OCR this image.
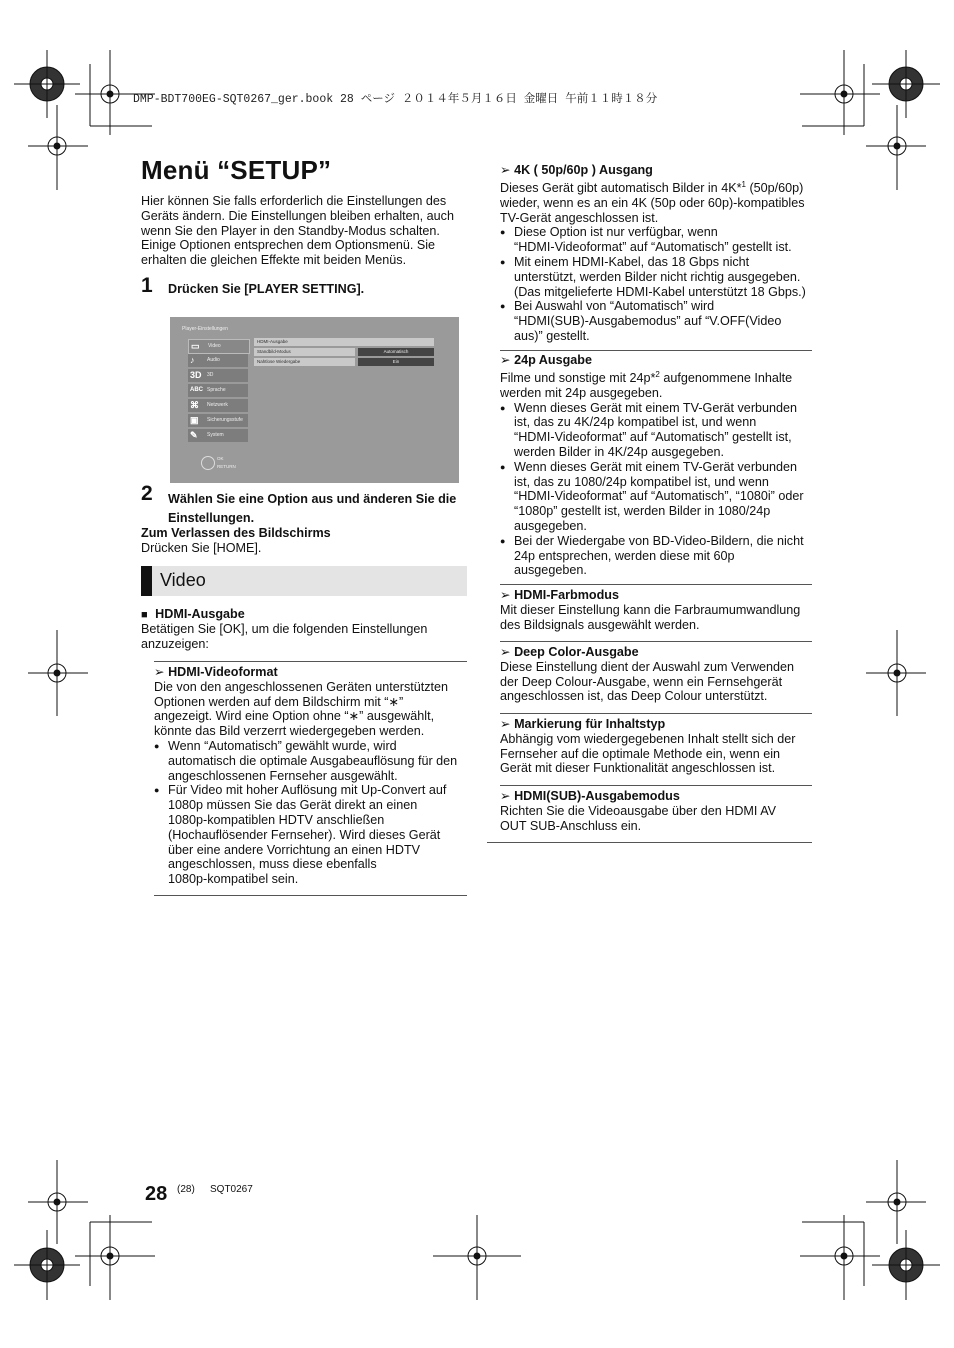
DMP-BDT700EG-SQT0267_ger.book 28 ページ ２０１４年５月１６日 金曜日 午前１１時１８分
Menü “SETUP”

Hier können Sie falls erforderlich die Einstellungen des

Geräts ändern. Die Einstellungen bleiben erhalten, auch

wenn Sie den Player in den Standby-Modus schalten.

Einige Optionen entsprechen dem Optionsmenü. Sie

erhalten die gleichen Effekte mit beiden Menüs.

1 Drücken Sie [PLAYER SETTING].
Player-Einstellungen
▭ Video
♪	Audio
3D 3D
ABC Sprache
⌘ Netzwerk
▣ Sicherungsstufe
✎ System
HDMI-Ausgabe
Standbild-Modus	Automatisch
Nahtlose Wiedergabe	Ein
OK
RETURN
2 Wählen Sie eine Option aus und änderen Sie die

Einstellungen.

Zum Verlassen des Bildschirms
Drücken Sie [HOME].
Video
■ HDMI-Ausgabe

Betätigen Sie [OK], um die folgenden Einstellungen

anzuzeigen:

➢ HDMI-Videoformat

Die von den angeschlossenen Geräten unterstützten

Optionen werden auf dem Bildschirm mit “∗”

angezeigt. Wird eine Option ohne “∗” ausgewählt,

könnte das Bild verzerrt wiedergegeben werden.

● Wenn “Automatisch” gewählt wurde, wird

automatisch die optimale Ausgabeauflösung für den

angeschlossenen Fernseher ausgewählt.

● Für Video mit hoher Auflösung mit Up-Convert auf

1080p müssen Sie das Gerät direkt an einen

1080p-kompatiblen HDTV anschließen

(Hochauflösender Fernseher). Wird dieses Gerät

über eine andere Vorrichtung an einen HDTV

angeschlossen, muss diese ebenfalls

1080p-kompatibel sein.

➢ 4K ( 50p/60p ) Ausgang

Dieses Gerät gibt automatisch Bilder in 4K*$^1$ (50p/60p)

wieder, wenn es an ein 4K (50p oder 60p)-kompatibles

TV-Gerät angeschlossen ist.

● Diese Option ist nur verfügbar, wenn

“HDMI-Videoformat” auf “Automatisch” gestellt ist.

● Mit einem HDMI-Kabel, das 18 Gbps nicht

unterstützt, werden Bilder nicht richtig ausgegeben.

(Das mitgelieferte HDMI-Kabel unterstützt 18 Gbps.)

● Bei Auswahl von “Automatisch” wird

“HDMI(SUB)-Ausgabemodus” auf “V.OFF(Video

aus)” gestellt.

➢ 24p Ausgabe

Filme und sonstige mit 24p*$^2$ aufgenommene Inhalte

werden mit 24p ausgegeben.

● Wenn dieses Gerät mit einem TV-Gerät verbunden

ist, das zu 4K/24p kompatibel ist, und wenn

“HDMI-Videoformat” auf “Automatisch” gestellt ist,

werden Bilder in 4K/24p ausgegeben.

● Wenn dieses Gerät mit einem TV-Gerät verbunden

ist, das zu 1080/24p kompatibel ist, und wenn

“HDMI-Videoformat” auf “Automatisch”, “1080i” oder

“1080p” gestellt ist, werden Bilder in 1080/24p

ausgegeben.

● Bei der Wiedergabe von BD-Video-Bildern, die nicht

24p entsprechen, werden diese mit 60p

ausgegeben.

➢ HDMI-Farbmodus

Mit dieser Einstellung kann die Farbraumumwandlung

des Bildsignals ausgewählt werden.

➢ Deep Color-Ausgabe

Diese Einstellung dient der Auswahl zum Verwenden

der Deep Colour-Ausgabe, wenn ein Fernsehgerät

angeschlossen ist, das Deep Colour unterstützt.

➢ Markierung für Inhaltstyp

Abhängig vom wiedergegebenen Inhalt stellt sich der

Fernseher auf die optimale Methode ein, wenn ein

Gerät mit dieser Funktionalität angeschlossen ist.

➢ HDMI(SUB)-Ausgabemodus

Richten Sie die Videoausgabe über den HDMI AV

OUT SUB-Anschluss ein.

28 (28) SQT0267
